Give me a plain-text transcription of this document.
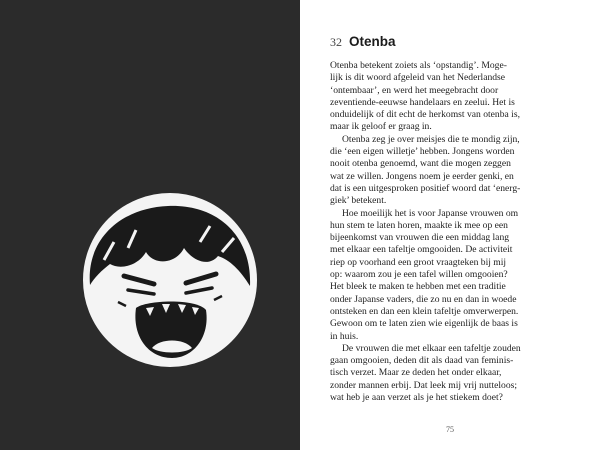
32 Otenba

Otenba betekent zoiets als ‘opstandig’. Moge-
lijk is dit woord afgeleid van het Nederlandse
‘ontembaar’, en werd het meegebracht door
zeventiende-eeuwse handelaars en zeelui. Het is
onduidelijk of dit echt de herkomst van otenba is,
maar ik geloof er graag in.

Otenba zeg je over meisjes die te mondig zijn,
die ‘een eigen willetje’ hebben. Jongens worden
nooit otenba genoemd, want die mogen zeggen
wat ze willen. Jongens noem je eerder genki, en
dat is een uitgesproken positief woord dat ‘energ-
giek’ betekent.

Hoe moeilijk het is voor Japanse vrouwen om
hun stem te laten horen, maakte ik mee op een
bijeenkomst van vrouwen die een middag lang
met elkaar een tafeltje omgooiden. De activiteit
riep op voorhand een groot vraagteken bij mij
op: waarom zou je een tafel willen omgooien?
Het bleek te maken te hebben met een traditie
onder Japanse vaders, die zo nu en dan in woede
ontsteken en dan een klein tafeltje omverwerpen.
Gewoon om te laten zien wie eigenlijk de baas is
in huis.

De vrouwen die met elkaar een tafeltje zouden
gaan omgooien, deden dit als daad van feminis-
tisch verzet. Maar ze deden het onder elkaar,
zonder mannen erbij. Dat leek mij vrij nutteloos;
wat heb je aan verzet als je het stiekem doet?

75
